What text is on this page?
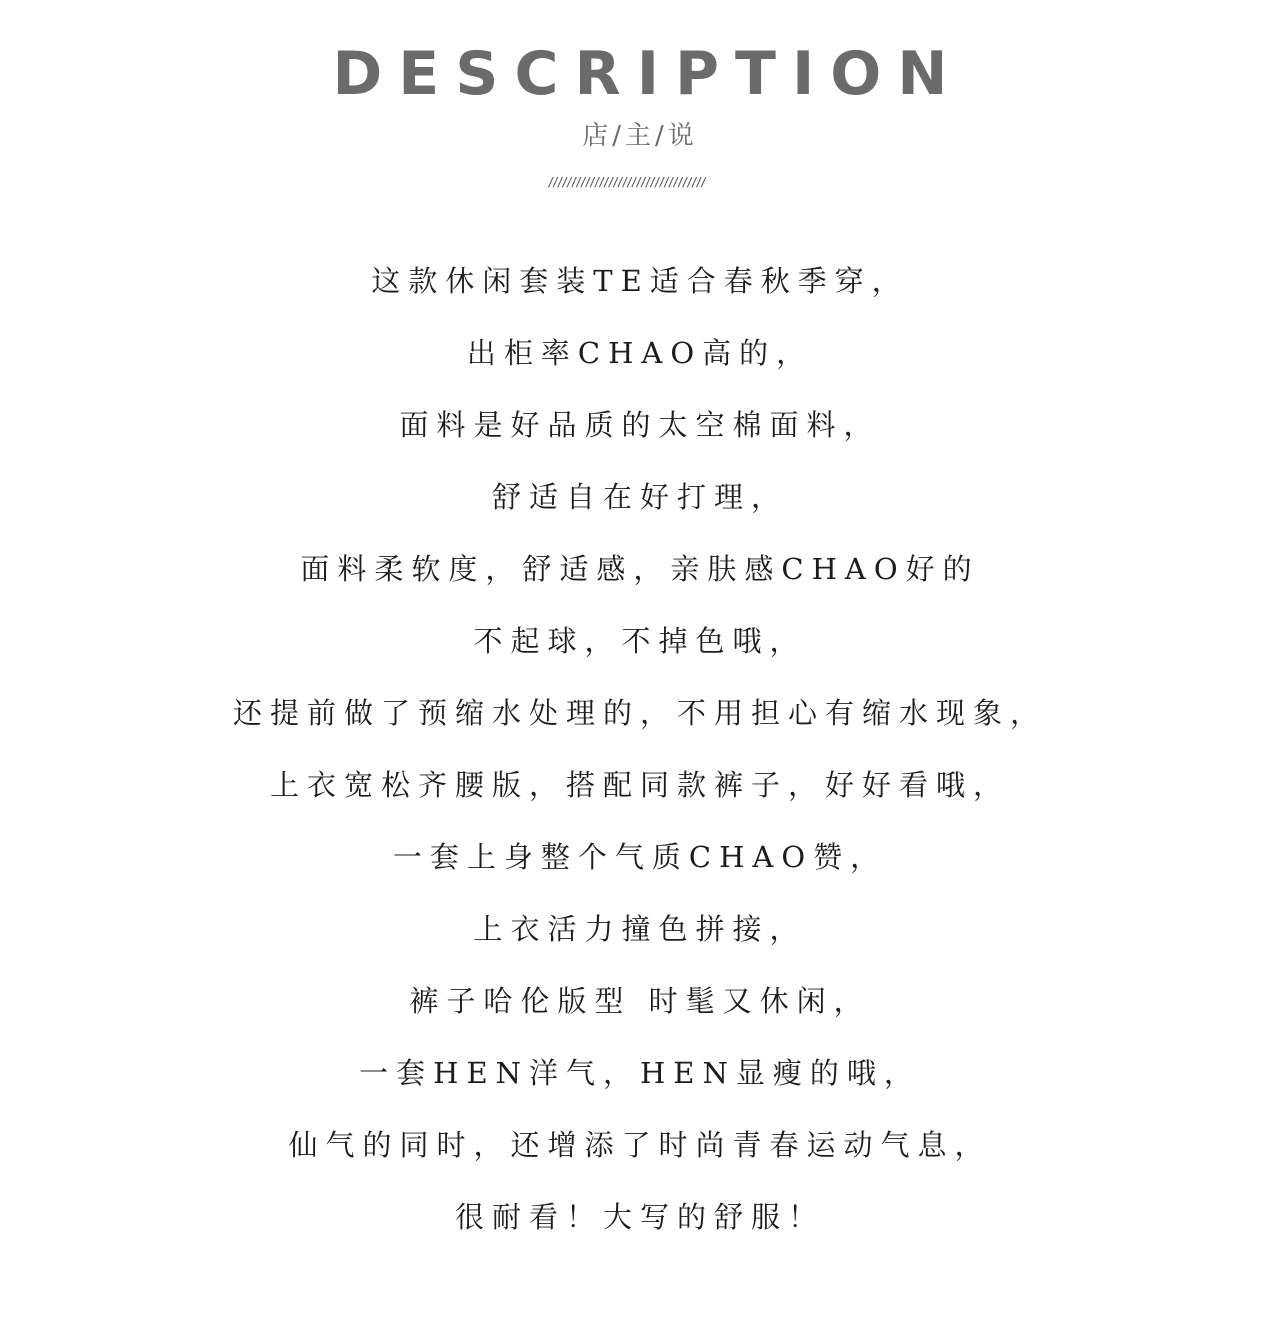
DESCRIPTION
店/主/说
//////////////////////////////////
这款休闲套装TE适合春秋季穿，
出柜率CHAO高的，
面料是好品质的太空棉面料，
舒适自在好打理，
面料柔软度，舒适感，亲肤感CHAO好的
不起球，不掉色哦，
还提前做了预缩水处理的，不用担心有缩水现象，
上衣宽松齐腰版，搭配同款裤子，好好看哦，
一套上身整个气质CHAO赞，
上衣活力撞色拼接，
裤子哈伦版型 时髦又休闲，
一套HEN洋气，HEN显瘦的哦，
仙气的同时，还增添了时尚青春运动气息，
很耐看！大写的舒服！
